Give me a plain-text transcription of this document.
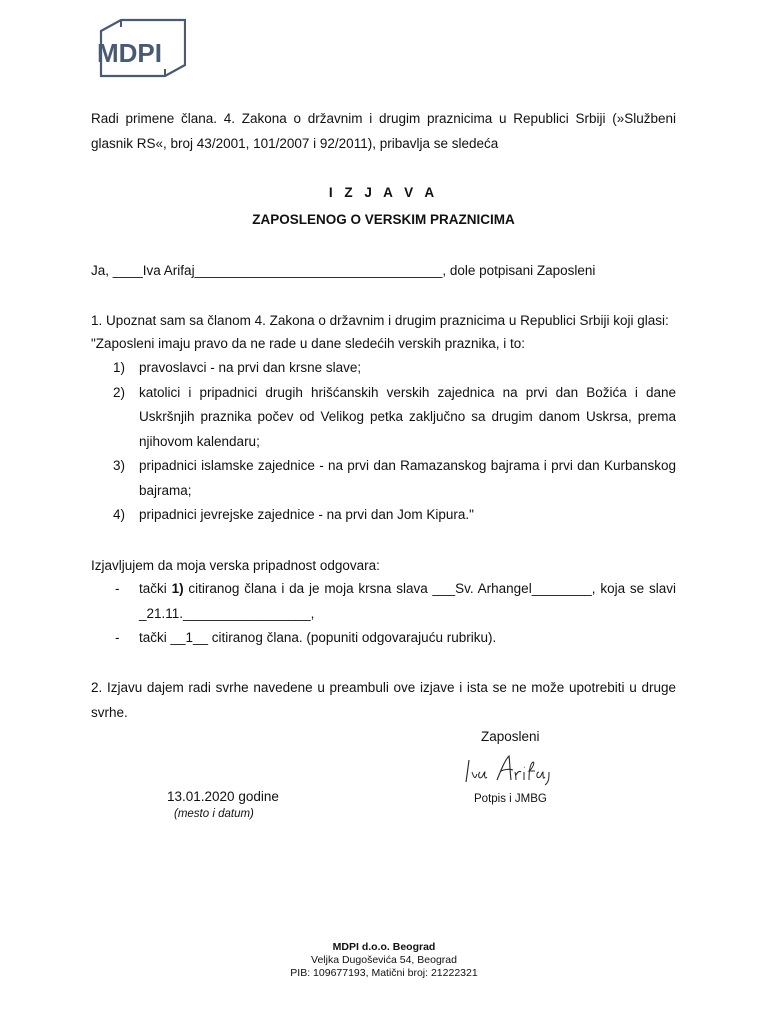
MDPI
Radi primene člana. 4. Zakona o državnim i drugim praznicima u Republici Srbiji (»Službeni glasnik RS«, broj 43/2001, 101/2007 i 92/2011), pribavlja se sledeća
I Z J A V A
ZAPOSLENOG O VERSKIM PRAZNICIMA
Ja, ____Iva Arifaj_________________________________, dole potpisani Zaposleni
1. Upoznat sam sa članom 4. Zakona o državnim i drugim praznicima u Republici Srbiji koji glasi:
"Zaposleni imaju pravo da ne rade u dane sledećih verskih praznika, i to:
1)	pravoslavci - na prvi dan krsne slave;
2)	katolici i pripadnici drugih hrišćanskih verskih zajednica na prvi dan Božića i dane Uskršnjih praznika počev od Velikog petka zaključno sa drugim danom Uskrsa, prema njihovom kalendaru;
3)	pripadnici islamske zajednice - na prvi dan Ramazanskog bajrama i prvi dan Kurbanskog bajrama;
4)	pripadnici jevrejske zajednice - na prvi dan Jom Kipura."
Izjavljujem da moja verska pripadnost odgovara:
-	tački 1) citiranog člana i da je moja krsna slava ___Sv. Arhangel________, koja se slavi _21.11._________________,
-	tački __1__ citiranog člana. (popuniti odgovarajuću rubriku).
2. Izjavu dajem radi svrhe navedene u preambuli ove izjave i ista se ne može upotrebiti u druge svrhe.
Zaposleni
Potpis i JMBG
13.01.2020 godine
(mesto i datum)
MDPI d.o.o. Beograd
Veljka Dugoševića 54, Beograd
PIB: 109677193, Matični broj: 21222321
